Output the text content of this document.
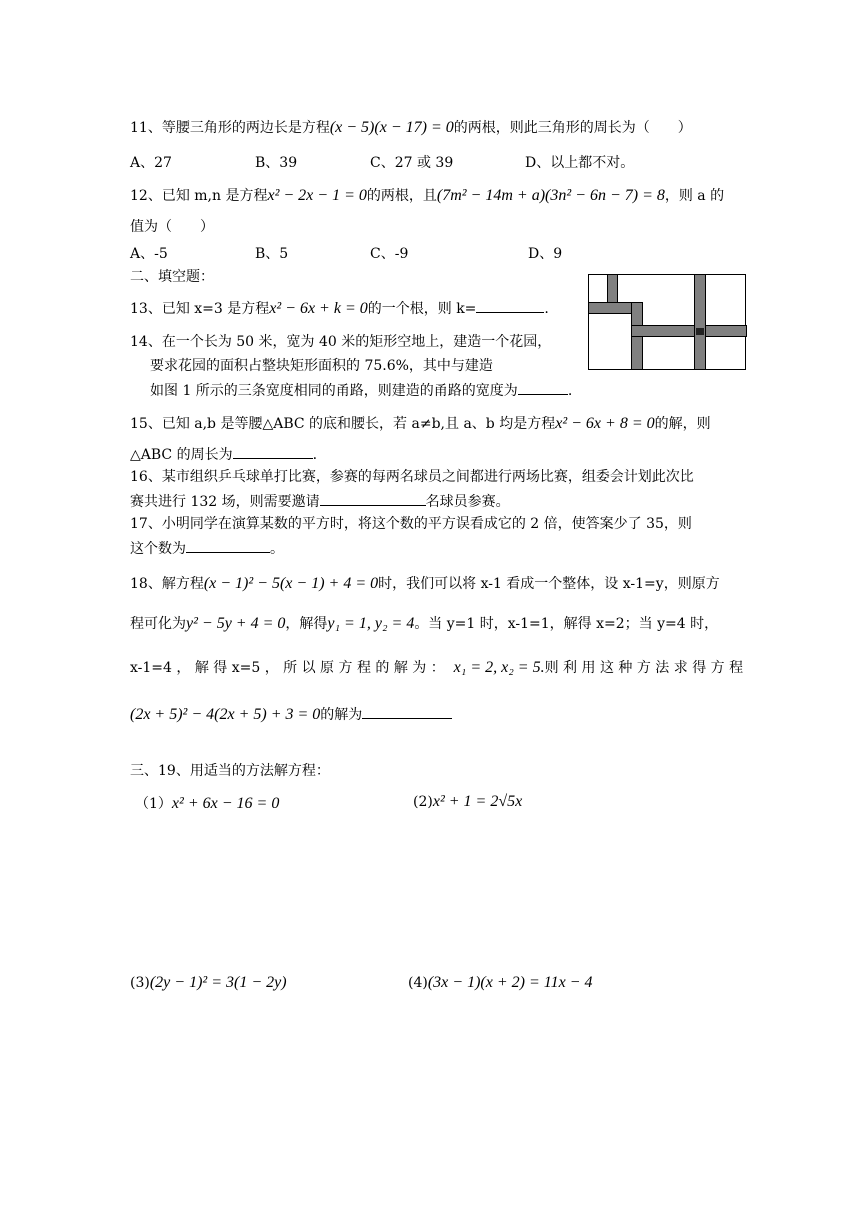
11、等腰三角形的两边长是方程(x − 5)(x − 17) = 0的两根，则此三角形的周长为（　　）
A、27	B、39	C、27 或 39	D、以上都不对。
12、已知 m,n 是方程x² − 2x − 1 = 0的两根，且(7m² − 14m + a)(3n² − 6n − 7) = 8，则 a 的
值为（　　）
A、-5	B、5	C、-9	D、9
二、填空题：
13、已知 x=3 是方程x² − 6x + k = 0的一个根，则 k=	.
14、在一个长为 50 米，宽为 40 米的矩形空地上，建造一个花园，
要求花园的面积占整块矩形面积的 75.6%，其中与建造
如图 1 所示的三条宽度相同的甬路，则建造的甬路的宽度为	.
15、已知 a,b 是等腰△ABC 的底和腰长，若 a≠b,且 a、b 均是方程x² − 6x + 8 = 0的解，则
△ABC 的周长为	.
16、某市组织乒乓球单打比赛，参赛的每两名球员之间都进行两场比赛，组委会计划此次比
赛共进行 132 场，则需要邀请	名球员参赛。
17、小明同学在演算某数的平方时，将这个数的平方误看成它的 2 倍，使答案少了 35，则
这个数为	。
18、解方程(x − 1)² − 5(x − 1) + 4 = 0时，我们可以将 x-1 看成一个整体，设 x-1=y，则原方
程可化为y² − 5y + 4 = 0，解得y₁ = 1, y₂ = 4。当 y=1 时，x-1=1，解得 x=2；当 y=4 时，
x-1=4 ， 解 得 x=5 ， 所 以 原 方 程 的 解 为 ： x₁ = 2, x₂ = 5.则 利 用 这 种 方 法 求 得 方 程
(2x + 5)² − 4(2x + 5) + 3 = 0的解为
三、19、用适当的方法解方程：
（1）x² + 6x − 16 = 0	(2)x² + 1 = 2√5x
(3)(2y − 1)² = 3(1 − 2y)	(4)(3x − 1)(x + 2) = 11x − 4
